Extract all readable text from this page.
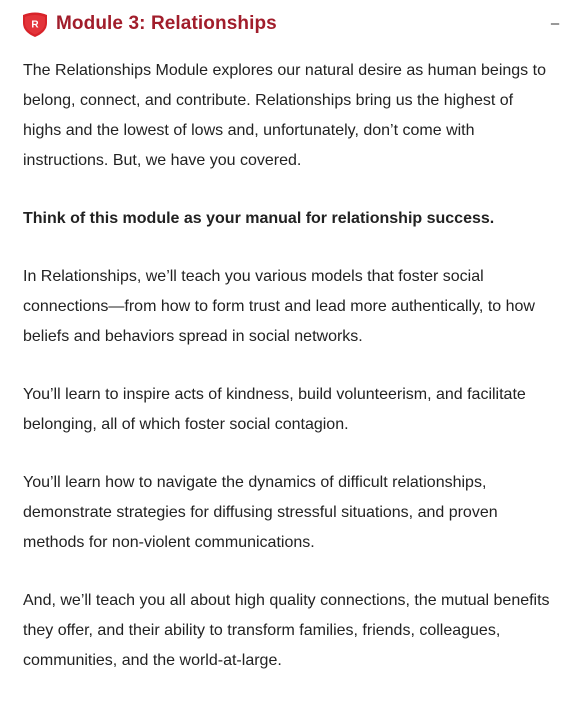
R Module 3: Relationships	–

The Relationships Module explores our natural desire as human beings to belong, connect, and contribute. Relationships bring us the highest of highs and the lowest of lows and, unfortunately, don’t come with instructions. But, we have you covered.

Think of this module as your manual for relationship success.

In Relationships, we’ll teach you various models that foster social connections—from how to form trust and lead more authentically, to how beliefs and behaviors spread in social networks.

You’ll learn to inspire acts of kindness, build volunteerism, and facilitate belonging, all of which foster social contagion.

You’ll learn how to navigate the dynamics of difficult relationships, demonstrate strategies for diffusing stressful situations, and proven methods for non-violent communications.

And, we’ll teach you all about high quality connections, the mutual benefits they offer, and their ability to transform families, friends, colleagues, communities, and the world-at-large.
